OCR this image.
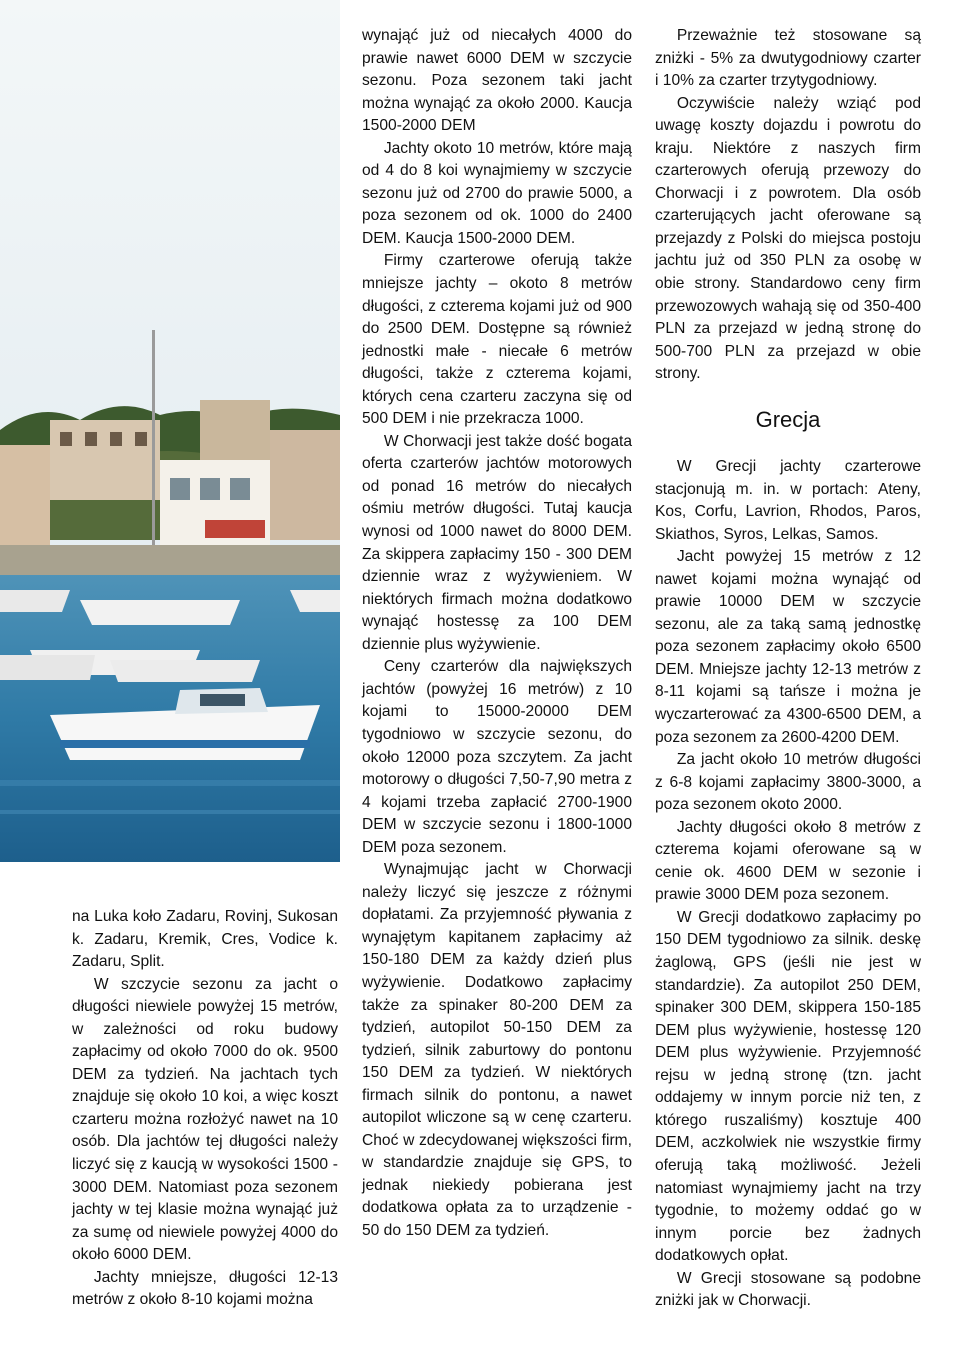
na Luka koło Zadaru, Rovinj, Sukosan k. Zadaru, Kremik, Cres, Vodice k. Zadaru, Split.

W szczycie sezonu za jacht o długości niewiele powyżej 15 metrów, w zależności od roku budowy zapłacimy od około 7000 do ok. 9500 DEM za tydzień. Na jachtach tych znajduje się około 10 koi, a więc koszt czarteru można rozłożyć nawet na 10 osób. Dla jachtów tej długości należy liczyć się z kaucją w wysokości 1500 - 3000 DEM. Natomiast poza sezonem jachty w tej klasie można wynająć już za sumę od niewiele powyżej 4000 do około 6000 DEM.

Jachty mniejsze, długości 12-13 metrów z około 8-10 kojami można

wynająć już od niecałych 4000 do prawie nawet 6000 DEM w szczycie sezonu. Poza sezonem taki jacht można wynająć za około 2000. Kaucja 1500-2000 DEM

Jachty okoto 10 metrów, które mają od 4 do 8 koi wynajmiemy w szczycie sezonu już od 2700 do prawie 5000, a poza sezonem od ok. 1000 do 2400 DEM. Kaucja 1500-2000 DEM.

Firmy czarterowe oferują także mniejsze jachty – okoto 8 metrów długości, z czterema kojami już od 900 do 2500 DEM. Dostępne są również jednostki małe - niecałe 6 metrów długości, także z czterema kojami, których cena czarteru zaczyna się od 500 DEM i nie przekracza 1000.

W Chorwacji jest także dość bogata oferta czarterów jachtów motorowych od ponad 16 metrów do niecałych ośmiu metrów długości. Tutaj kaucja wynosi od 1000 nawet do 8000 DEM. Za skippera zapłacimy 150 - 300 DEM dziennie wraz z wyżywieniem. W niektórych firmach można dodatkowo wynająć hostessę za 100 DEM dziennie plus wyżywienie.

Ceny czarterów dla największych jachtów (powyżej 16 metrów) z 10 kojami to 15000-20000 DEM tygodniowo w szczycie sezonu, do około 12000 poza szczytem. Za jacht motorowy o długości 7,50-7,90 metra z 4 kojami trzeba zapłacić 2700-1900 DEM w szczycie sezonu i 1800-1000 DEM poza sezonem.

Wynajmując jacht w Chorwacji należy liczyć się jeszcze z różnymi dopłatami. Za przyjemność pływania z wynajętym kapitanem zapłacimy aż 150-180 DEM za każdy dzień plus wyżywienie. Dodatkowo zapłacimy także za spinaker 80-200 DEM za tydzień, autopilot 50-150 DEM za tydzień, silnik zaburtowy do pontonu 150 DEM za tydzień. W niektórych firmach silnik do pontonu, a nawet autopilot wliczone są w cenę czarteru. Choć w zdecydowanej większości firm, w standardzie znajduje się GPS, to jednak niekiedy pobierana jest dodatkowa opłata za to urządzenie - 50 do 150 DEM za tydzień.

Przeważnie też stosowane są zniżki - 5% za dwutygodniowy czarter i 10% za czarter trzytygodniowy.

Oczywiście należy wziąć pod uwagę koszty dojazdu i powrotu do kraju. Niektóre z naszych firm czarterowych oferują przewozy do Chorwacji i z powrotem. Dla osób czarterujących jacht oferowane są przejazdy z Polski do miejsca postoju jachtu już od 350 PLN za osobę w obie strony. Standardowo ceny firm przewozowych wahają się od 350-400 PLN za przejazd w jedną stronę do 500-700 PLN za przejazd w obie strony.

Grecja

W Grecji jachty czarterowe stacjonują m. in. w portach: Ateny, Kos, Corfu, Lavrion, Rhodos, Paros, Skiathos, Syros, Lelkas, Samos.

Jacht powyżej 15 metrów z 12 nawet kojami można wynająć od prawie 10000 DEM w szczycie sezonu, ale za taką samą jednostkę poza sezonem zapłacimy około 6500 DEM. Mniejsze jachty 12-13 metrów z 8-11 kojami są tańsze i można je wyczarterować za 4300-6500 DEM, a poza sezonem za 2600-4200 DEM.

Za jacht około 10 metrów długości z 6-8 kojami zapłacimy 3800-3000, a poza sezonem okoto 2000.

Jachty długości około 8 metrów z czterema kojami oferowane są w cenie ok. 4600 DEM w sezonie i prawie 3000 DEM poza sezonem.

W Grecji dodatkowo zapłacimy po 150 DEM tygodniowo za silnik. deskę żaglową, GPS (jeśli nie jest w standardzie). Za autopilot 250 DEM, spinaker 300 DEM, skippera 150-185 DEM plus wyżywienie, hostessę 120 DEM plus wyżywienie. Przyjemność rejsu w jedną stronę (tzn. jacht oddajemy w innym porcie niż ten, z którego ruszaliśmy) kosztuje 400 DEM, aczkolwiek nie wszystkie firmy oferują taką możliwość. Jeżeli natomiast wynajmiemy jacht na trzy tygodnie, to możemy oddać go w innym porcie bez żadnych dodatkowych opłat.

W Grecji stosowane są podobne zniżki jak w Chorwacji.
